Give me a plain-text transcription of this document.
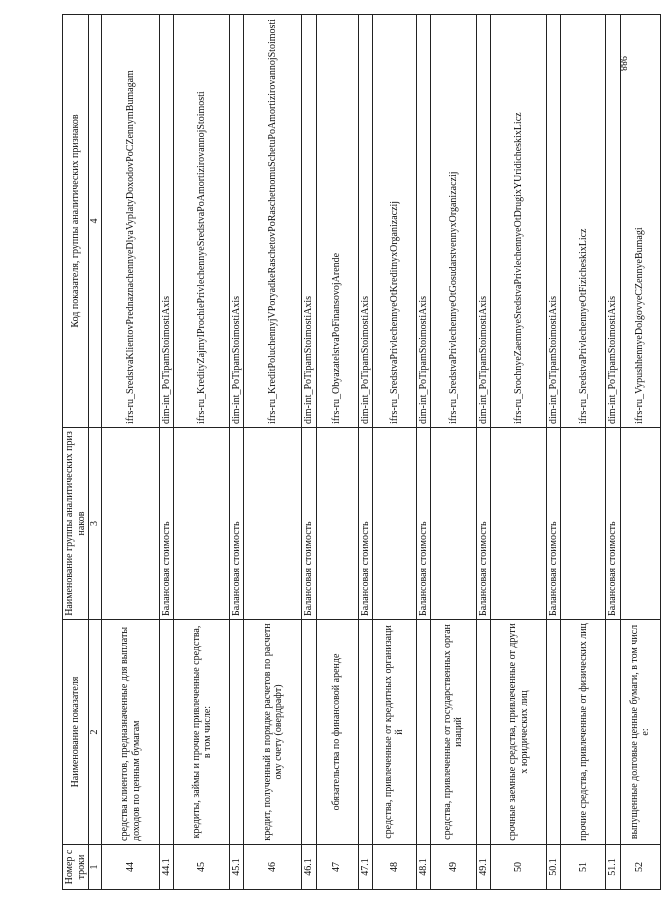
988
Номер строки	Наименование показателя	Наименование группы аналитических признаков	Код показателя, группы аналитических признаков
1	2	3	4
44	средства клиентов, предназначенные для выплаты доходов по ценным бумагам		ifrs-ru_SredstvaKlientovPrednaznachennyeDlyaVyplatyDoxodovPoCZennymBumagam
44.1		Балансовая стоимость	dim-int_PoTipamStoimostiAxis
45	кредиты, займы и прочие привлеченные средства, в том числе:		ifrs-ru_KredityZajmyIProchiePrivlechennyeSredstvaPoAmortizirovannojStoimosti
45.1		Балансовая стоимость	dim-int_PoTipamStoimostiAxis
46	кредит, полученный в порядке расчетов по расчетному счету (овердрафт)		ifrs-ru_KreditPoluchennyjVPoryadkeRaschetovPoRaschetnomuSchetuPoAmortizirovannojStoimosti
46.1		Балансовая стоимость	dim-int_PoTipamStoimostiAxis
47	обязательства по финансовой аренде		ifrs-ru_ObyazatelstvaPoFinansovojArende
47.1		Балансовая стоимость	dim-int_PoTipamStoimostiAxis
48	средства, привлеченные от кредитных организаций		ifrs-ru_SredstvaPrivlechennyeOtKreditnyxOrganizaczij
48.1		Балансовая стоимость	dim-int_PoTipamStoimostiAxis
49	средства, привлеченные от государственных организаций		ifrs-ru_SredstvaPrivlechennyeOtGosudarstvennyxOrganizaczij
49.1		Балансовая стоимость	dim-int_PoTipamStoimostiAxis
50	срочные заемные средства, привлеченные от других юридических лиц		ifrs-ru_SrochnyeZaemnyeSredstvaPrivlechennyeOtDrugixYUridicheskixLicz
50.1		Балансовая стоимость	dim-int_PoTipamStoimostiAxis
51	прочие средства, привлеченные от физических лиц		ifrs-ru_SredstvaPrivlechennyeOtFizicheskixLicz
51.1		Балансовая стоимость	dim-int_PoTipamStoimostiAxis
52	выпущенные долговые ценные бумаги, в том числе:		ifrs-ru_VypushhennyeDolgovyeCZennyeBumagi
